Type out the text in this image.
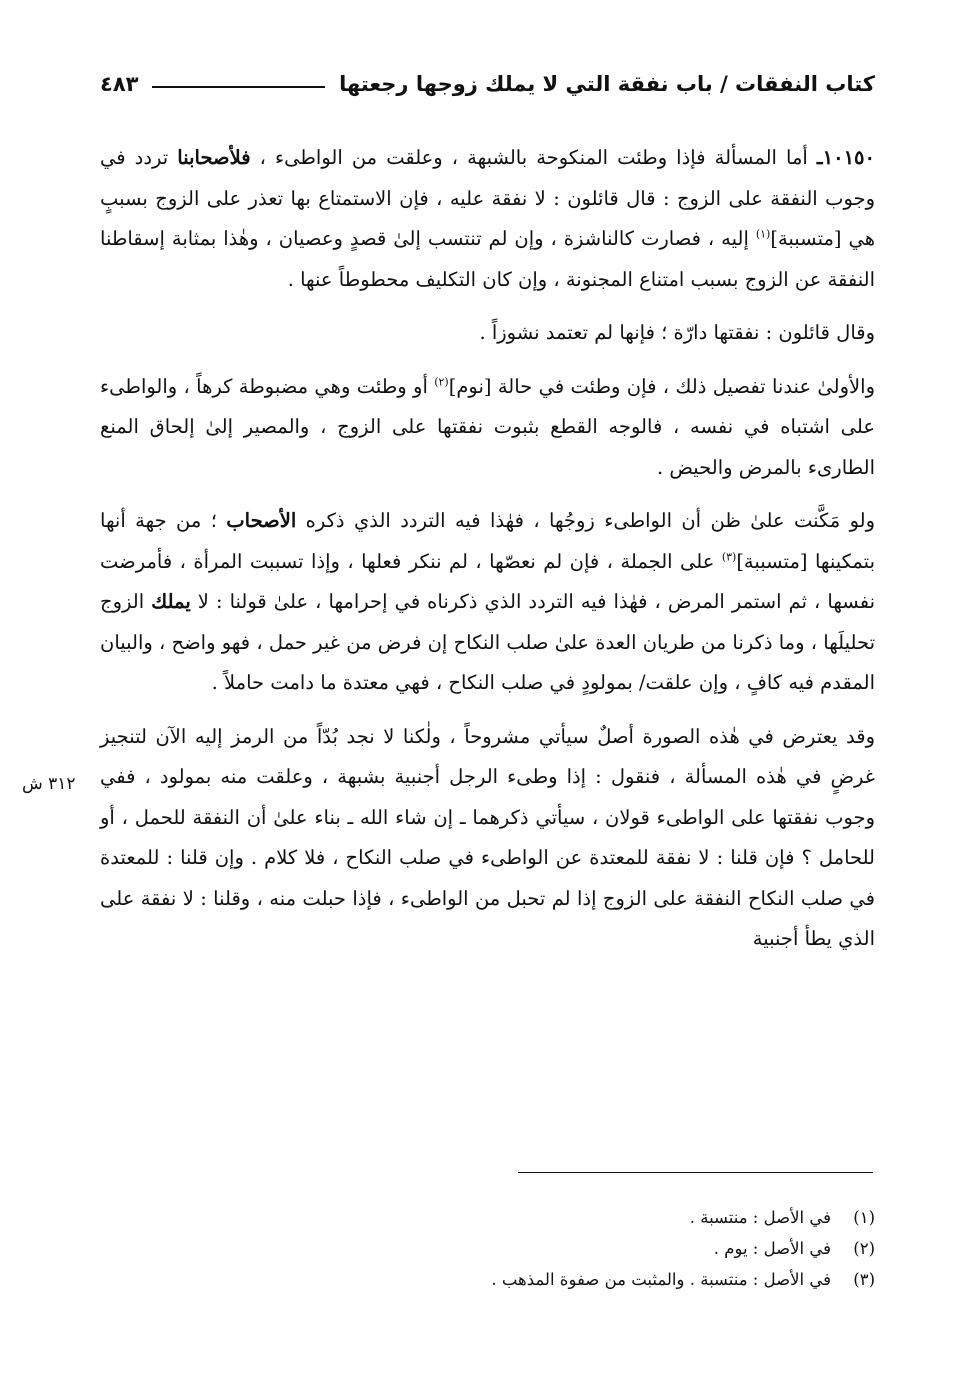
كتاب النفقات / باب نفقة التي لا يملك زوجها رجعتها
٤٨٣

١٠١٥٠ـ أما المسألة فإذا وطئت المنكوحة بالشبهة ، وعلقت من الواطىء ، فلأصحابنا تردد في وجوب النفقة على الزوج : قال قائلون : لا نفقة عليه ، فإن الاستمتاع بها تعذر على الزوج بسببٍ هي [متسببة]$^{(١)}$ إليه ، فصارت كالناشزة ، وإن لم تنتسب إلىٰ قصدٍ وعصيان ، وهٰذا بمثابة إسقاطنا النفقة عن الزوج بسبب امتناع المجنونة ، وإن كان التكليف محطوطاً عنها .

وقال قائلون : نفقتها دارّة ؛ فإنها لم تعتمد نشوزاً .

والأولىٰ عندنا تفصيل ذلك ، فإن وطئت في حالة [نوم]$^{(٢)}$ أو وطئت وهي مضبوطة كرهاً ، والواطىء على اشتباه في نفسه ، فالوجه القطع بثبوت نفقتها على الزوج ، والمصير إلىٰ إلحاق المنع الطارىء بالمرض والحيض .

ولو مَكَّنت علىٰ ظن أن الواطىء زوجُها ، فهٰذا فيه التردد الذي ذكره الأصحاب ؛ من جهة أنها بتمكينها [متسببة]$^{(٣)}$ على الجملة ، فإن لم نعصّها ، لم ننكر فعلها ، وإذا تسببت المرأة ، فأمرضت نفسها ، ثم استمر المرض ، فهٰذا فيه التردد الذي ذكرناه في إحرامها ، علىٰ قولنا : لا يملك الزوج تحليلَها ، وما ذكرنا من طريان العدة علىٰ صلب النكاح إن فرض من غير حمل ، فهو واضح ، والبيان المقدم فيه كافٍ ، وإن علقت/ بمولودٍ في صلب النكاح ، فهي معتدة ما دامت حاملاً .

وقد يعترض في هٰذه الصورة أصلٌ سيأتي مشروحاً ، ولٰكنا لا نجد بُدّاً من الرمز إليه الآن لتنجيز غرضٍ في هٰذه المسألة ، فنقول : إذا وطىء الرجل أجنبية بشبهة ، وعلقت منه بمولود ، ففي وجوب نفقتها على الواطىء قولان ، سيأتي ذكرهما ـ إن شاء الله ـ بناء علىٰ أن النفقة للحمل ، أو للحامل ؟ فإن قلنا : لا نفقة للمعتدة عن الواطىء في صلب النكاح ، فلا كلام . وإن قلنا : للمعتدة في صلب النكاح النفقة على الزوج إذا لم تحبل من الواطىء ، فإذا حبلت منه ، وقلنا : لا نفقة على الذي يطأ أجنبية

٣١٢ ش
(١)في الأصل : منتسبة .
(٢)في الأصل : يوم .
(٣)في الأصل : منتسبة . والمثبت من صفوة المذهب .
